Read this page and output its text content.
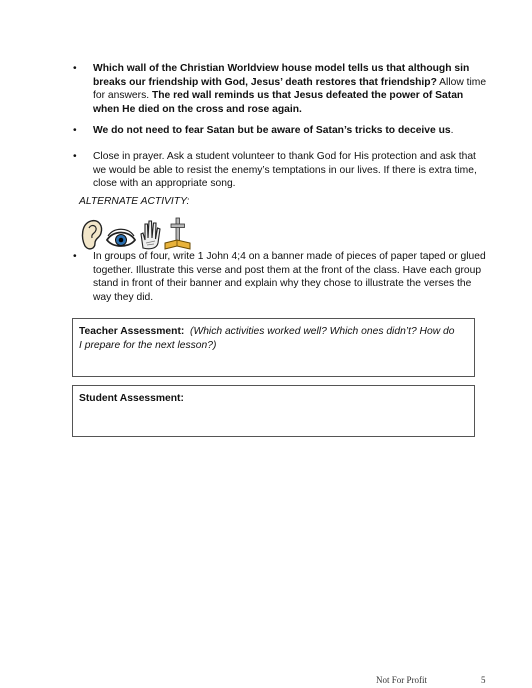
•	Which wall of the Christian Worldview house model tells us that although sin breaks our friendship with God, Jesus’ death restores that friendship? Allow time for answers. The red wall reminds us that Jesus defeated the power of Satan when He died on the cross and rose again.
•	We do not need to fear Satan but be aware of Satan’s tricks to deceive us.
•	Close in prayer. Ask a student volunteer to thank God for His protection and ask that we would be able to resist the enemy’s temptations in our lives. If there is extra time, close with an appropriate song.
ALTERNATE ACTIVITY:
•	In groups of four, write 1 John 4;4 on a banner made of pieces of paper taped or glued together. Illustrate this verse and post them at the front of the class. Have each group stand in front of their banner and explain why they chose to illustrate the verses the way they did.
Teacher Assessment: (Which activities worked well? Which ones didn’t? How do I prepare for the next lesson?)
Student Assessment:
Not For Profit	5
